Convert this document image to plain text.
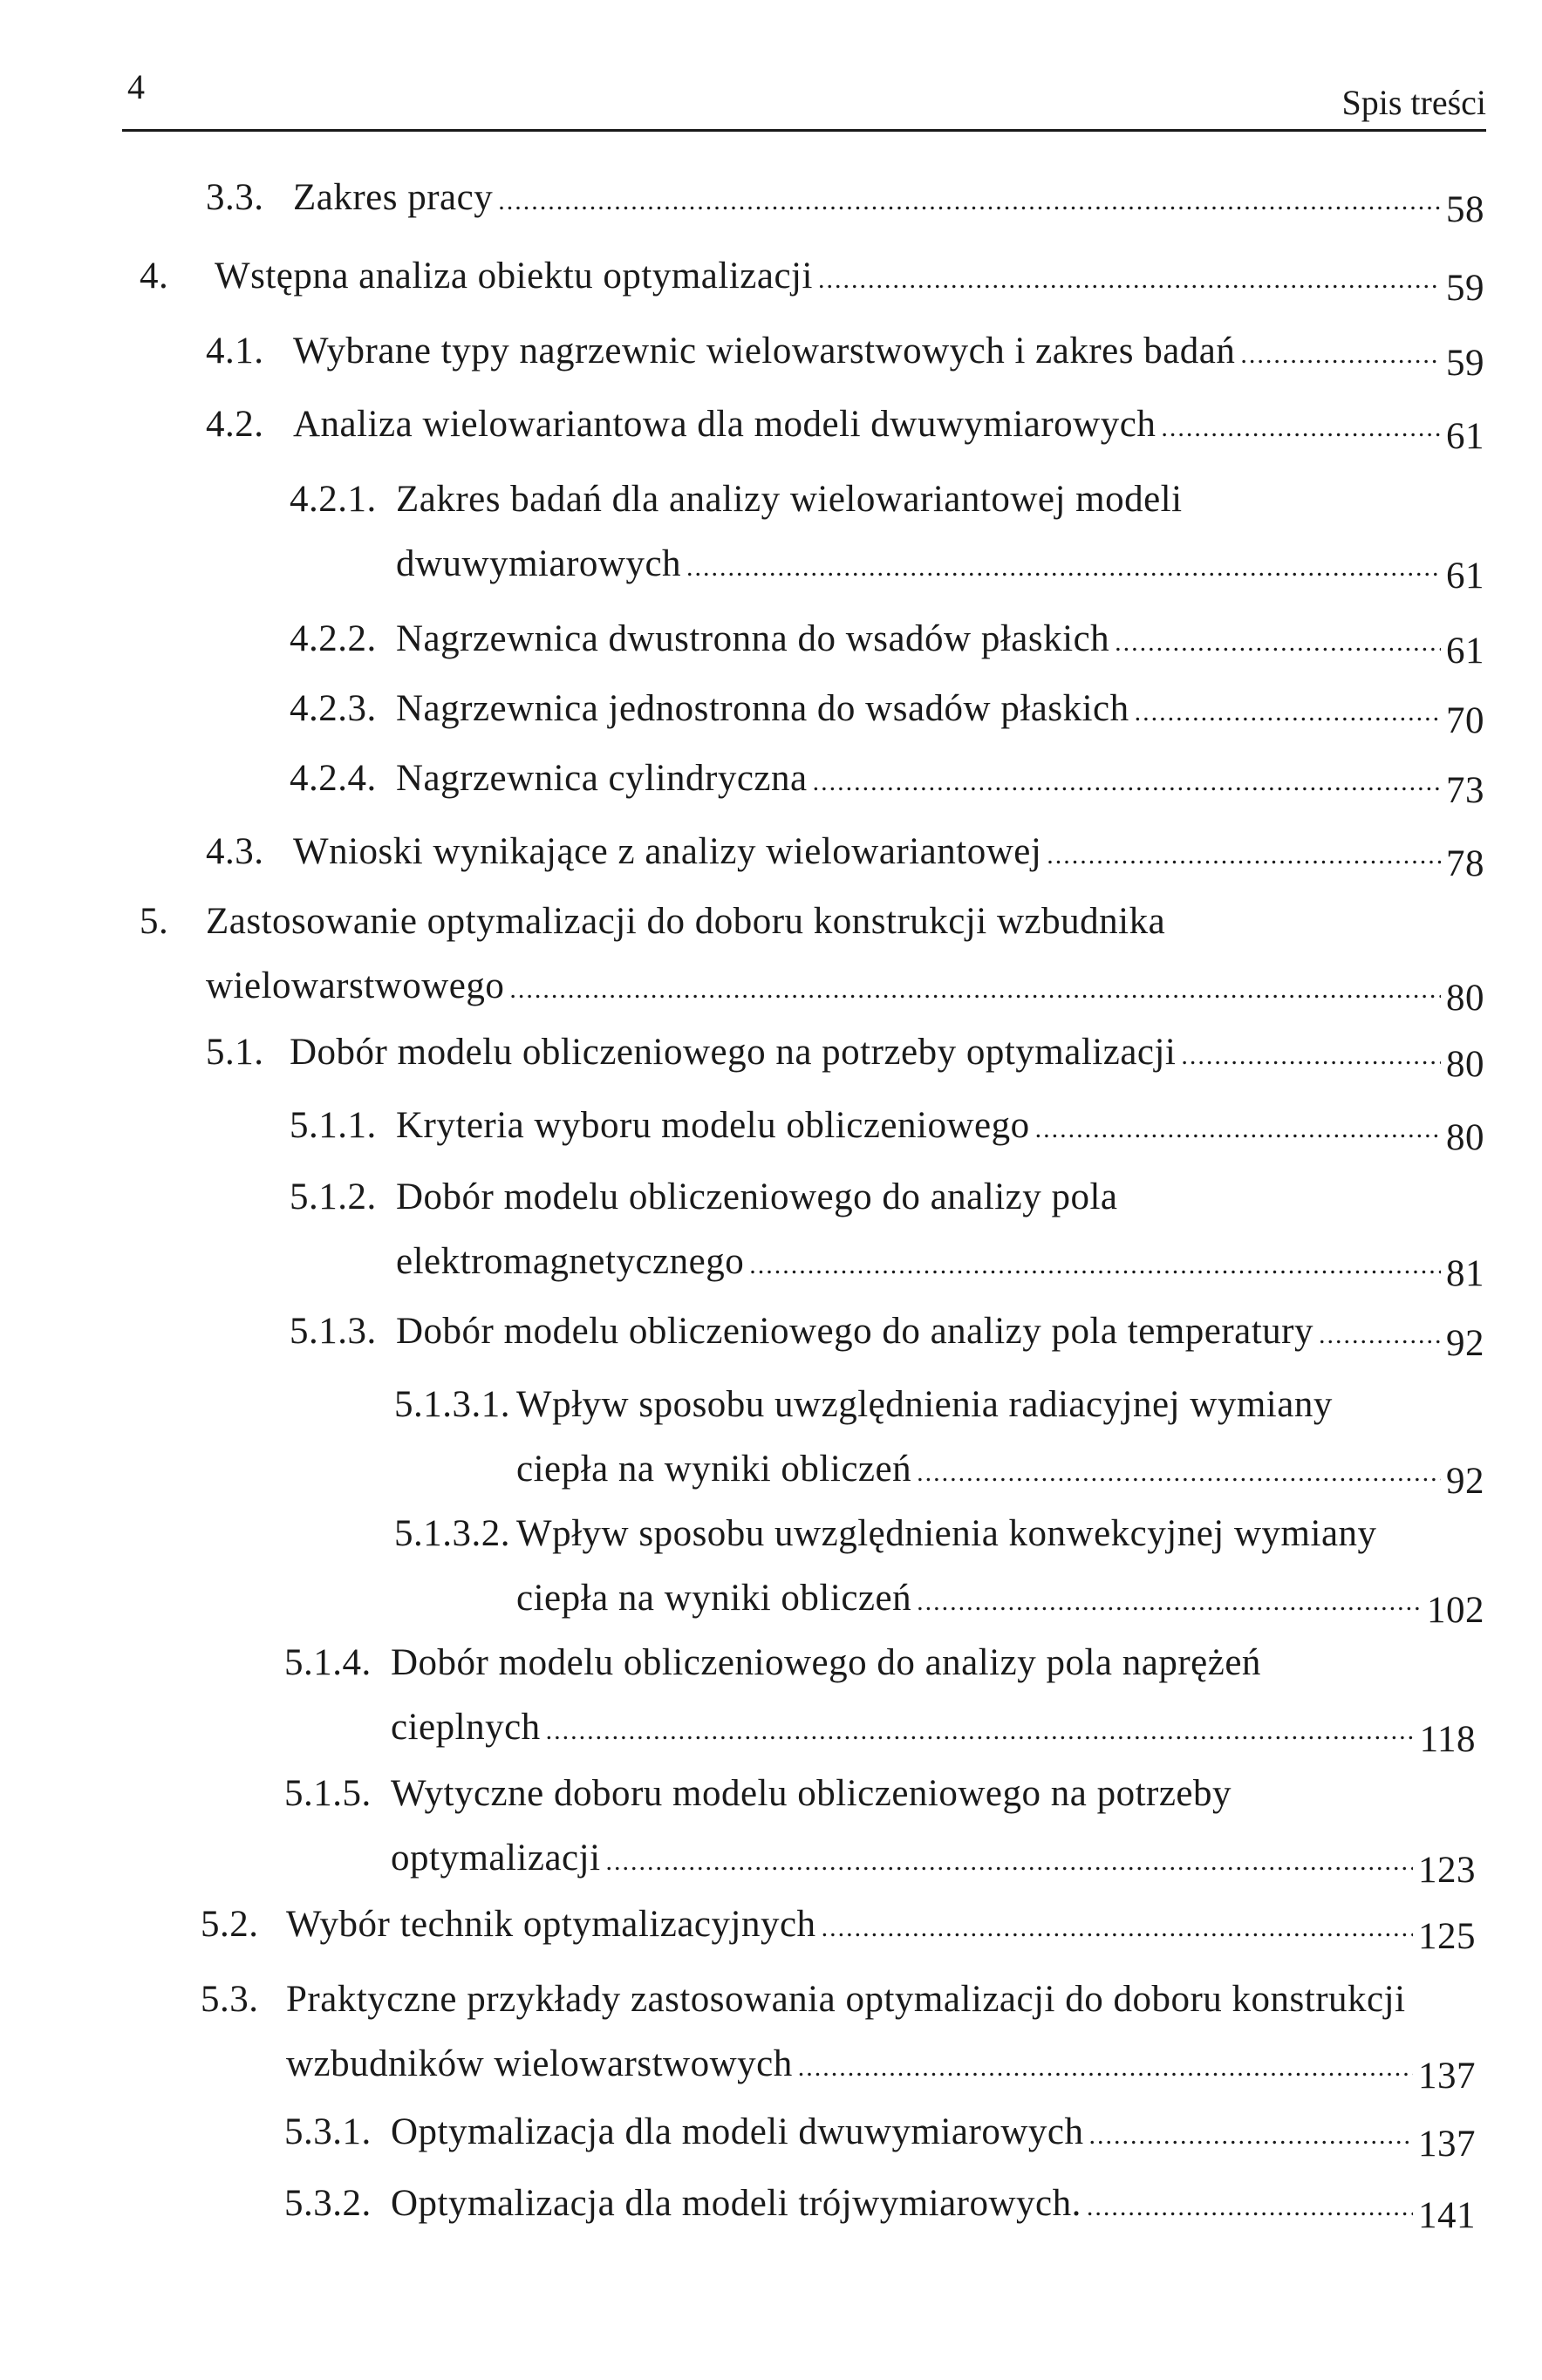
4	Spis treści
3.3. Zakres pracy .....	58
4.	Wstępna analiza obiektu optymalizacji .....	59
4.1. Wybrane typy nagrzewnic wielowarstwowych i zakres badań .....	59
4.2. Analiza wielowariantowa dla modeli dwuwymiarowych .....	61
4.2.1. Zakres badań dla analizy wielowariantowej modeli
dwuwymiarowych .....	61
4.2.2. Nagrzewnica dwustronna do wsadów płaskich .....	61
4.2.3. Nagrzewnica jednostronna do wsadów płaskich .....	70
4.2.4. Nagrzewnica cylindryczna .....	73
4.3. Wnioski wynikające z analizy wielowariantowej .....	78
5. Zastosowanie optymalizacji do doboru konstrukcji wzbudnika
wielowarstwowego .....	80
5.1. Dobór modelu obliczeniowego na potrzeby optymalizacji .....	80
5.1.1. Kryteria wyboru modelu obliczeniowego .....	80
5.1.2. Dobór modelu obliczeniowego do analizy pola
elektromagnetycznego .....	81
5.1.3. Dobór modelu obliczeniowego do analizy pola temperatury .....	92
5.1.3.1. Wpływ sposobu uwzględnienia radiacyjnej wymiany
ciepła na wyniki obliczeń .....	92
5.1.3.2. Wpływ sposobu uwzględnienia konwekcyjnej wymiany
ciepła na wyniki obliczeń .....	102
5.1.4. Dobór modelu obliczeniowego do analizy pola naprężeń
cieplnych .....	118
5.1.5. Wytyczne doboru modelu obliczeniowego na potrzeby
optymalizacji .....	123
5.2. Wybór technik optymalizacyjnych .....	125
5.3. Praktyczne przykłady zastosowania optymalizacji do doboru konstrukcji
wzbudników wielowarstwowych .....	137
5.3.1. Optymalizacja dla modeli dwuwymiarowych .....	137
5.3.2. Optymalizacja dla modeli trójwymiarowych. .....	141
